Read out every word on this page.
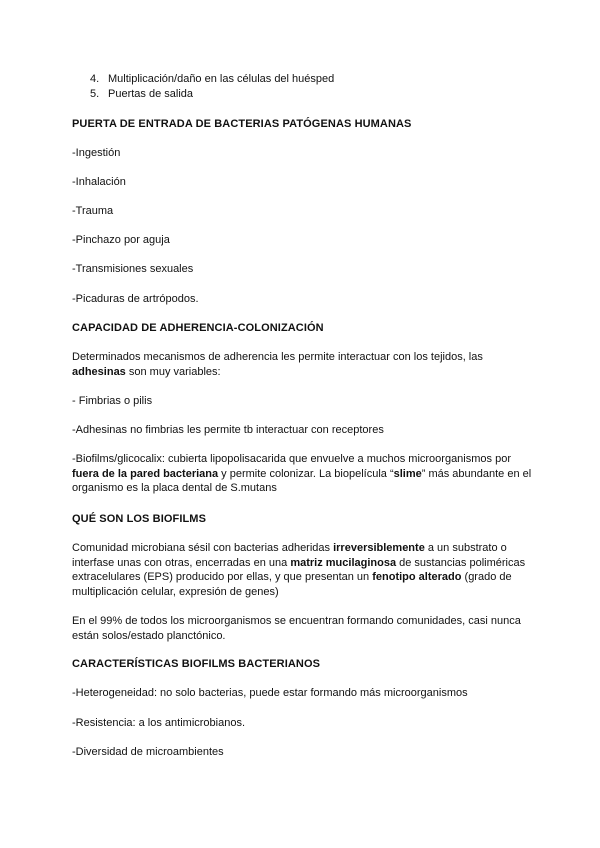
4. Multiplicación/daño en las células del huésped
5. Puertas de salida

PUERTA DE ENTRADA DE BACTERIAS PATÓGENAS HUMANAS

-Ingestión

-Inhalación

-Trauma

-Pinchazo por aguja

-Transmisiones sexuales

-Picaduras de artrópodos.

CAPACIDAD DE ADHERENCIA-COLONIZACIÓN

Determinados mecanismos de adherencia les permite interactuar con los tejidos, las adhesinas son muy variables:

- Fimbrias o pilis

-Adhesinas no fimbrias les permite tb interactuar con receptores

-Biofilms/glicocalix: cubierta lipopolisacarida que envuelve a muchos microorganismos por fuera de la pared bacteriana y permite colonizar. La biopelícula “slime” más abundante en el organismo es la placa dental de S.mutans

QUÉ SON LOS BIOFILMS

Comunidad microbiana sésil con bacterias adheridas irreversiblemente a un substrato o interfase unas con otras, encerradas en una matriz mucilaginosa de sustancias poliméricas extracelulares (EPS) producido por ellas, y que presentan un fenotipo alterado (grado de multiplicación celular, expresión de genes)

En el 99% de todos los microorganismos se encuentran formando comunidades, casi nunca están solos/estado planctónico.

CARACTERÍSTICAS BIOFILMS BACTERIANOS

-Heterogeneidad: no solo bacterias, puede estar formando más microorganismos

-Resistencia: a los antimicrobianos.

-Diversidad de microambientes
